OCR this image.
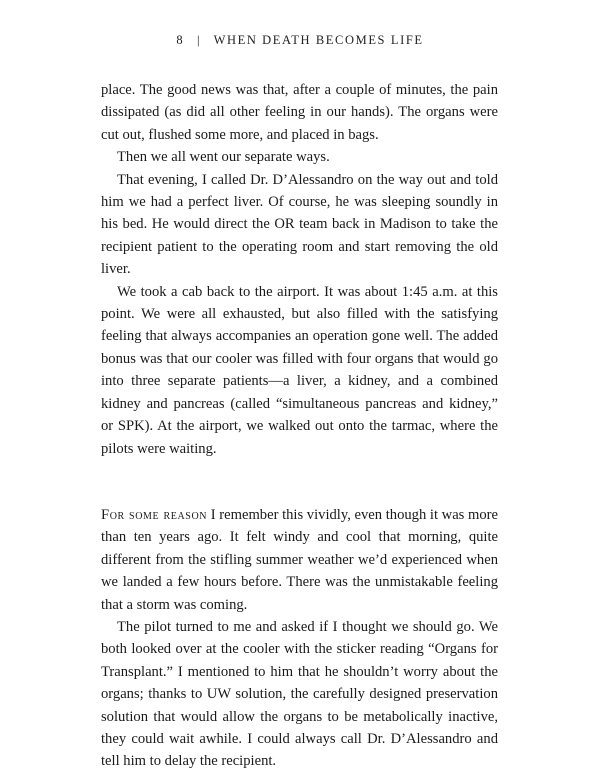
8 | WHEN DEATH BECOMES LIFE

place. The good news was that, after a couple of minutes, the pain dissipated (as did all other feeling in our hands). The organs were cut out, flushed some more, and placed in bags.

Then we all went our separate ways.

That evening, I called Dr. D’Alessandro on the way out and told him we had a perfect liver. Of course, he was sleeping soundly in his bed. He would direct the OR team back in Madison to take the recipient patient to the operating room and start removing the old liver.

We took a cab back to the airport. It was about 1:45 a.m. at this point. We were all exhausted, but also filled with the satisfying feeling that always accompanies an operation gone well. The added bonus was that our cooler was filled with four organs that would go into three separate patients—a liver, a kidney, and a combined kidney and pancreas (called “simultaneous pancreas and kidney,” or SPK). At the airport, we walked out onto the tarmac, where the pilots were waiting.

For some reason I remember this vividly, even though it was more than ten years ago. It felt windy and cool that morning, quite different from the stifling summer weather we’d experienced when we landed a few hours before. There was the unmistakable feeling that a storm was coming.

The pilot turned to me and asked if I thought we should go. We both looked over at the cooler with the sticker reading “Organs for Transplant.” I mentioned to him that he shouldn’t worry about the organs; thanks to UW solution, the carefully designed preservation solution that would allow the organs to be metabolically inactive, they could wait awhile. I could always call Dr. D’Alessandro and tell him to delay the recipient.
